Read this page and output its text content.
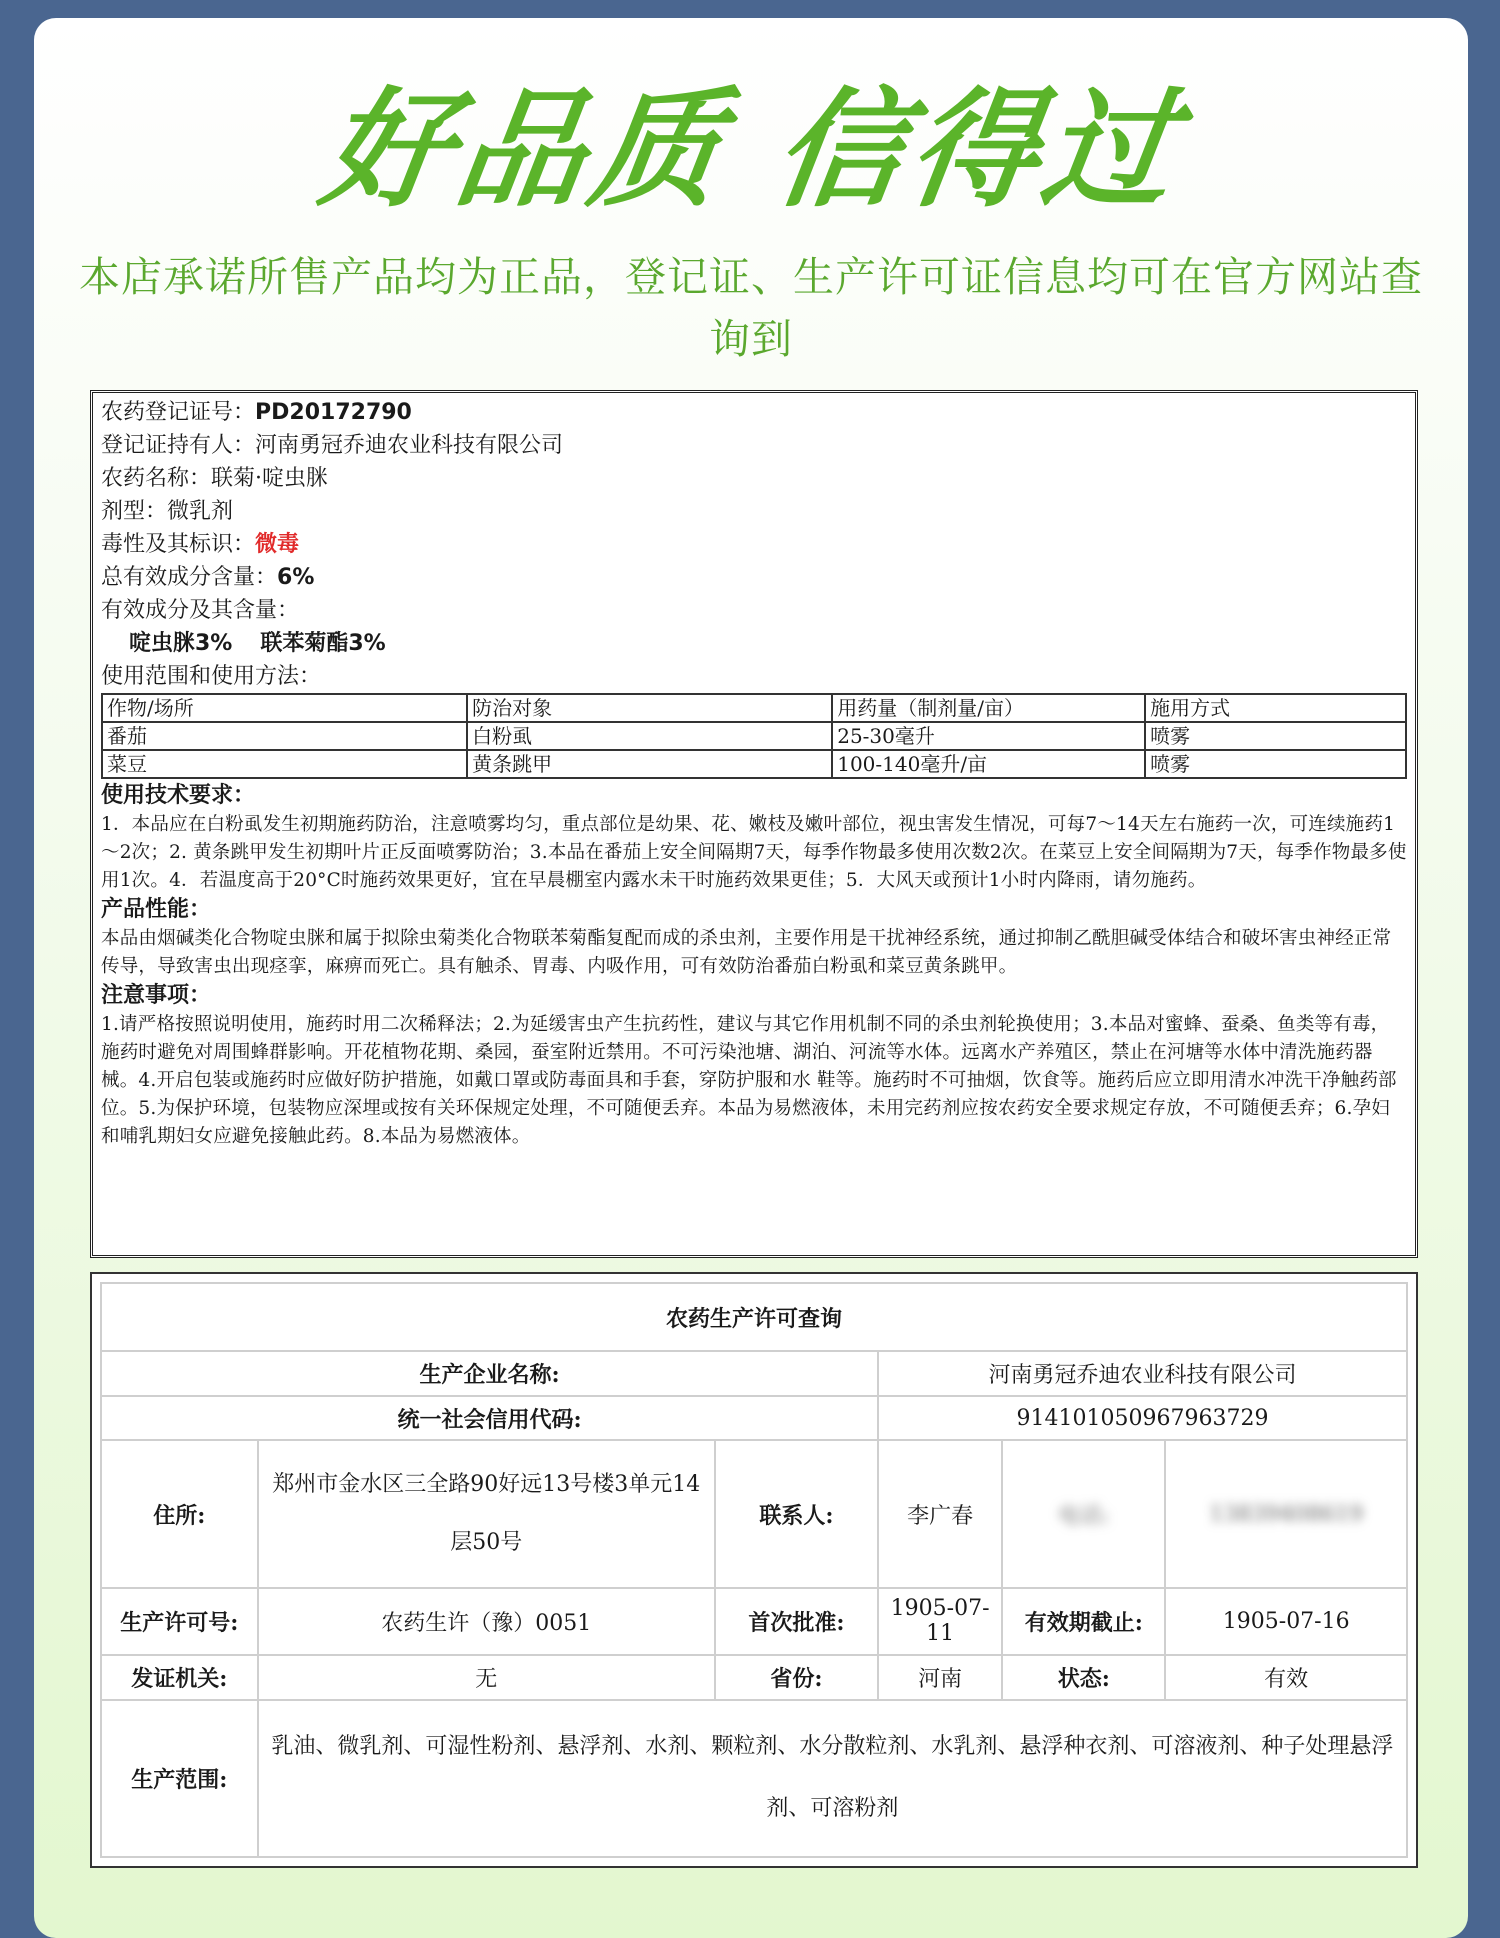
好品质 信得过
本店承诺所售产品均为正品，登记证、生产许可证信息均可在官方网站查询到
农药登记证号：PD20172790
登记证持有人：河南勇冠乔迪农业科技有限公司
农药名称：联菊·啶虫脒
剂型：微乳剂
毒性及其标识：微毒
总有效成分含量：6%
有效成分及其含量：
啶虫脒3% 联苯菊酯3%
使用范围和使用方法：
作物/场所	防治对象	用药量（制剂量/亩）	施用方式
番茄	白粉虱	25-30毫升	喷雾
菜豆	黄条跳甲	100-140毫升/亩	喷雾
使用技术要求：
1．本品应在白粉虱发生初期施药防治，注意喷雾均匀，重点部位是幼果、花、嫩枝及嫩叶部位，视虫害发生情况，可每7～14天左右施药一次，可连续施药1～2次；2. 黄条跳甲发生初期叶片正反面喷雾防治；3.本品在番茄上安全间隔期7天，每季作物最多使用次数2次。在菜豆上安全间隔期为7天，每季作物最多使用1次。4．若温度高于20°C时施药效果更好，宜在早晨棚室内露水未干时施药效果更佳；5．大风天或预计1小时内降雨，请勿施药。
产品性能：
本品由烟碱类化合物啶虫脒和属于拟除虫菊类化合物联苯菊酯复配而成的杀虫剂，主要作用是干扰神经系统，通过抑制乙酰胆碱受体结合和破坏害虫神经正常传导，导致害虫出现痉挛，麻痹而死亡。具有触杀、胃毒、内吸作用，可有效防治番茄白粉虱和菜豆黄条跳甲。
注意事项：
1.请严格按照说明使用，施药时用二次稀释法；2.为延缓害虫产生抗药性，建议与其它作用机制不同的杀虫剂轮换使用；3.本品对蜜蜂、蚕桑、鱼类等有毒，施药时避免对周围蜂群影响。开花植物花期、桑园，蚕室附近禁用。不可污染池塘、湖泊、河流等水体。远离水产养殖区，禁止在河塘等水体中清洗施药器械。4.开启包装或施药时应做好防护措施，如戴口罩或防毒面具和手套，穿防护服和水 鞋等。施药时不可抽烟，饮食等。施药后应立即用清水冲洗干净触药部位。5.为保护环境，包装物应深埋或按有关环保规定处理，不可随便丢弃。本品为易燃液体，未用完药剂应按农药安全要求规定存放，不可随便丢弃；6.孕妇和哺乳期妇女应避免接触此药。8.本品为易燃液体。
农药生产许可查询					
生产企业名称:			河南勇冠乔迪农业科技有限公司		
统一社会信用代码:			914101050967963729		
住所:	郑州市金水区三全路90好远13号楼3单元14层50号	联系人:	李广春	电话:	13839408619
生产许可号:	农药生许（豫）0051	首次批准:	1905-07-11	有效期截止:	1905-07-16
发证机关:	无	省份:	河南	状态:	有效
生产范围:	乳油、微乳剂、可湿性粉剂、悬浮剂、水剂、颗粒剂、水分散粒剂、水乳剂、悬浮种衣剂、可溶液剂、种子处理悬浮剂、可溶粉剂				
